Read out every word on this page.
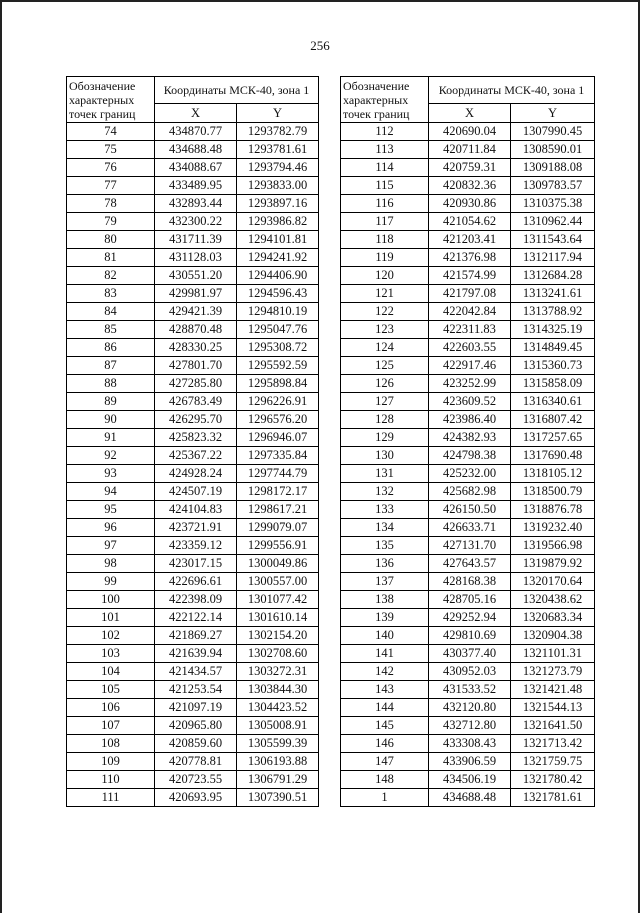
256
Обозначение характерных точек границ	Координаты МСК-40, зона 1	
	X	Y
74	434870.77	1293782.79
75	434688.48	1293781.61
76	434088.67	1293794.46
77	433489.95	1293833.00
78	432893.44	1293897.16
79	432300.22	1293986.82
80	431711.39	1294101.81
81	431128.03	1294241.92
82	430551.20	1294406.90
83	429981.97	1294596.43
84	429421.39	1294810.19
85	428870.48	1295047.76
86	428330.25	1295308.72
87	427801.70	1295592.59
88	427285.80	1295898.84
89	426783.49	1296226.91
90	426295.70	1296576.20
91	425823.32	1296946.07
92	425367.22	1297335.84
93	424928.24	1297744.79
94	424507.19	1298172.17
95	424104.83	1298617.21
96	423721.91	1299079.07
97	423359.12	1299556.91
98	423017.15	1300049.86
99	422696.61	1300557.00
100	422398.09	1301077.42
101	422122.14	1301610.14
102	421869.27	1302154.20
103	421639.94	1302708.60
104	421434.57	1303272.31
105	421253.54	1303844.30
106	421097.19	1304423.52
107	420965.80	1305008.91
108	420859.60	1305599.39
109	420778.81	1306193.88
110	420723.55	1306791.29
111	420693.95	1307390.51
Обозначение характерных точек границ	Координаты МСК-40, зона 1	
	X	Y
112	420690.04	1307990.45
113	420711.84	1308590.01
114	420759.31	1309188.08
115	420832.36	1309783.57
116	420930.86	1310375.38
117	421054.62	1310962.44
118	421203.41	1311543.64
119	421376.98	1312117.94
120	421574.99	1312684.28
121	421797.08	1313241.61
122	422042.84	1313788.92
123	422311.83	1314325.19
124	422603.55	1314849.45
125	422917.46	1315360.73
126	423252.99	1315858.09
127	423609.52	1316340.61
128	423986.40	1316807.42
129	424382.93	1317257.65
130	424798.38	1317690.48
131	425232.00	1318105.12
132	425682.98	1318500.79
133	426150.50	1318876.78
134	426633.71	1319232.40
135	427131.70	1319566.98
136	427643.57	1319879.92
137	428168.38	1320170.64
138	428705.16	1320438.62
139	429252.94	1320683.34
140	429810.69	1320904.38
141	430377.40	1321101.31
142	430952.03	1321273.79
143	431533.52	1321421.48
144	432120.80	1321544.13
145	432712.80	1321641.50
146	433308.43	1321713.42
147	433906.59	1321759.75
148	434506.19	1321780.42
1	434688.48	1321781.61
